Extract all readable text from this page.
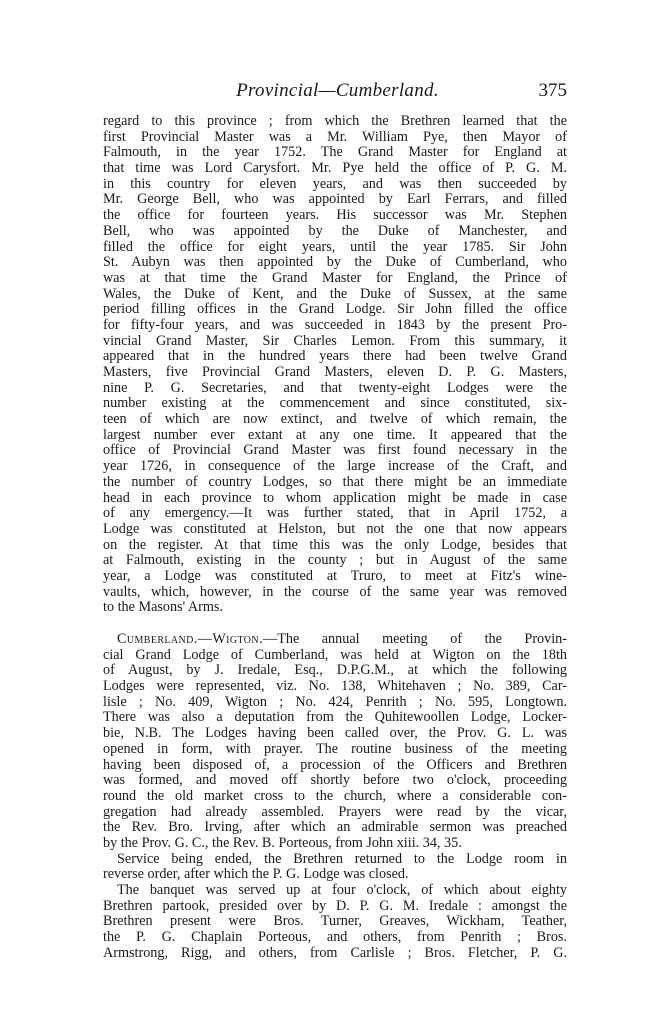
Provincial—Cumberland.	375
regard to this province ; from which the Brethren learned that the
first Provincial Master was a Mr. William Pye, then Mayor of
Falmouth, in the year 1752. The Grand Master for England at
that time was Lord Carysfort. Mr. Pye held the office of P. G. M.
in this country for eleven years, and was then succeeded by
Mr. George Bell, who was appointed by Earl Ferrars, and filled
the office for fourteen years. His successor was Mr. Stephen
Bell, who was appointed by the Duke of Manchester, and
filled the office for eight years, until the year 1785. Sir John
St. Aubyn was then appointed by the Duke of Cumberland, who
was at that time the Grand Master for England, the Prince of
Wales, the Duke of Kent, and the Duke of Sussex, at the same
period filling offices in the Grand Lodge. Sir John filled the office
for fifty-four years, and was succeeded in 1843 by the present Pro-
vincial Grand Master, Sir Charles Lemon. From this summary, it
appeared that in the hundred years there had been twelve Grand
Masters, five Provincial Grand Masters, eleven D. P. G. Masters,
nine P. G. Secretaries, and that twenty-eight Lodges were the
number existing at the commencement and since constituted, six-
teen of which are now extinct, and twelve of which remain, the
largest number ever extant at any one time. It appeared that the
office of Provincial Grand Master was first found necessary in the
year 1726, in consequence of the large increase of the Craft, and
the number of country Lodges, so that there might be an immediate
head in each province to whom application might be made in case
of any emergency.—It was further stated, that in April 1752, a
Lodge was constituted at Helston, but not the one that now appears
on the register. At that time this was the only Lodge, besides that
at Falmouth, existing in the county ; but in August of the same
year, a Lodge was constituted at Truro, to meet at Fitz's wine-
vaults, which, however, in the course of the same year was removed
to the Masons' Arms.
Cumberland.—Wigton.—The annual meeting of the Provin-
cial Grand Lodge of Cumberland, was held at Wigton on the 18th
of August, by J. Iredale, Esq., D.P.G.M., at which the following
Lodges were represented, viz. No. 138, Whitehaven ; No. 389, Car-
lisle ; No. 409, Wigton ; No. 424, Penrith ; No. 595, Longtown.
There was also a deputation from the Quhitewoollen Lodge, Locker-
bie, N.B. The Lodges having been called over, the Prov. G. L. was
opened in form, with prayer. The routine business of the meeting
having been disposed of, a procession of the Officers and Brethren
was formed, and moved off shortly before two o'clock, proceeding
round the old market cross to the church, where a considerable con-
gregation had already assembled. Prayers were read by the vicar,
the Rev. Bro. Irving, after which an admirable sermon was preached
by the Prov. G. C., the Rev. B. Porteous, from John xiii. 34, 35.
Service being ended, the Brethren returned to the Lodge room in
reverse order, after which the P. G. Lodge was closed.
The banquet was served up at four o'clock, of which about eighty
Brethren partook, presided over by D. P. G. M. Iredale : amongst the
Brethren present were Bros. Turner, Greaves, Wickham, Teather,
the P. G. Chaplain Porteous, and others, from Penrith ; Bros.
Armstrong, Rigg, and others, from Carlisle ; Bros. Fletcher, P. G.
